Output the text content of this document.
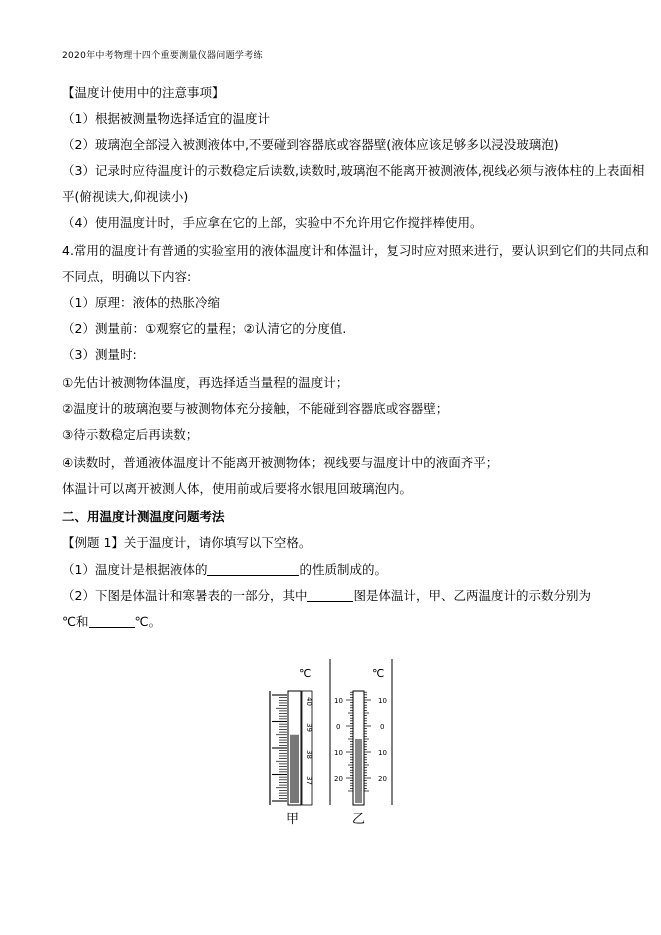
2020年中考物理十四个重要测量仪器问题学考练
【温度计使用中的注意事项】
（1）根据被测量物选择适宜的温度计
（2）玻璃泡全部浸入被测液体中,不要碰到容器底或容器壁(液体应该足够多以浸没玻璃泡)
（3）记录时应待温度计的示数稳定后读数,读数时,玻璃泡不能离开被测液体,视线必须与液体柱的上表面相
平(俯视读大,仰视读小)
（4）使用温度计时，手应拿在它的上部，实验中不允许用它作搅拌棒使用。
4.常用的温度计有普通的实验室用的液体温度计和体温计，复习时应对照来进行，要认识到它们的共同点和
不同点，明确以下内容:
（1）原理：液体的热胀冷缩
（2）测量前：①观察它的量程；②认清它的分度值.
（3）测量时:
①先估计被测物体温度，再选择适当量程的温度计；
②温度计的玻璃泡要与被测物体充分接触，不能碰到容器底或容器壁；
③待示数稳定后再读数；
④读数时，普通液体温度计不能离开被测物体；视线要与温度计中的液面齐平；
体温计可以离开被测人体，使用前或后要将水银甩回玻璃泡内。
二、用温度计测温度问题考法
【例题 1】关于温度计，请你填写以下空格。
（1）温度计是根据液体的	的性质制成的。
（2）下图是体温计和寒暑表的一部分，其中	图是体温计，甲、乙两温度计的示数分别为
℃和	℃。
℃
40
39
38
37
甲
℃
10
0
10
20
10
0
10
20
乙
